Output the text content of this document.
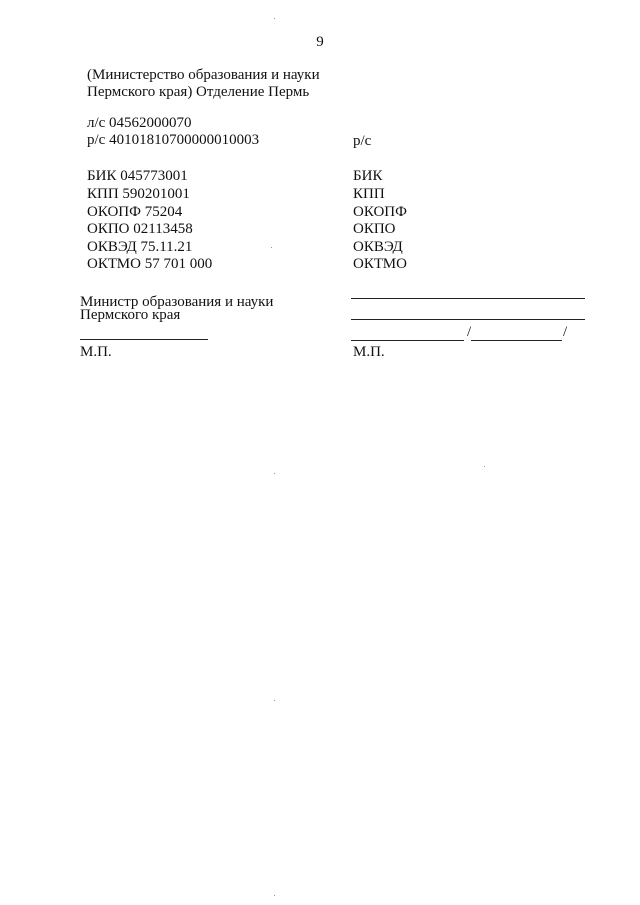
9
(Министерство образования и науки
Пермского края) Отделение Пермь
л/с 04562000070
р/с 40101810700000010003
БИК 045773001
КПП 590201001
ОКОПФ 75204
ОКПО 02113458
ОКВЭД 75.11.21
ОКТМО 57 701 000
Министр образования и науки
Пермского края
М.П.
р/с
БИК
КПП
ОКОПФ
ОКПО
ОКВЭД
ОКТМО
/	/
М.П.
